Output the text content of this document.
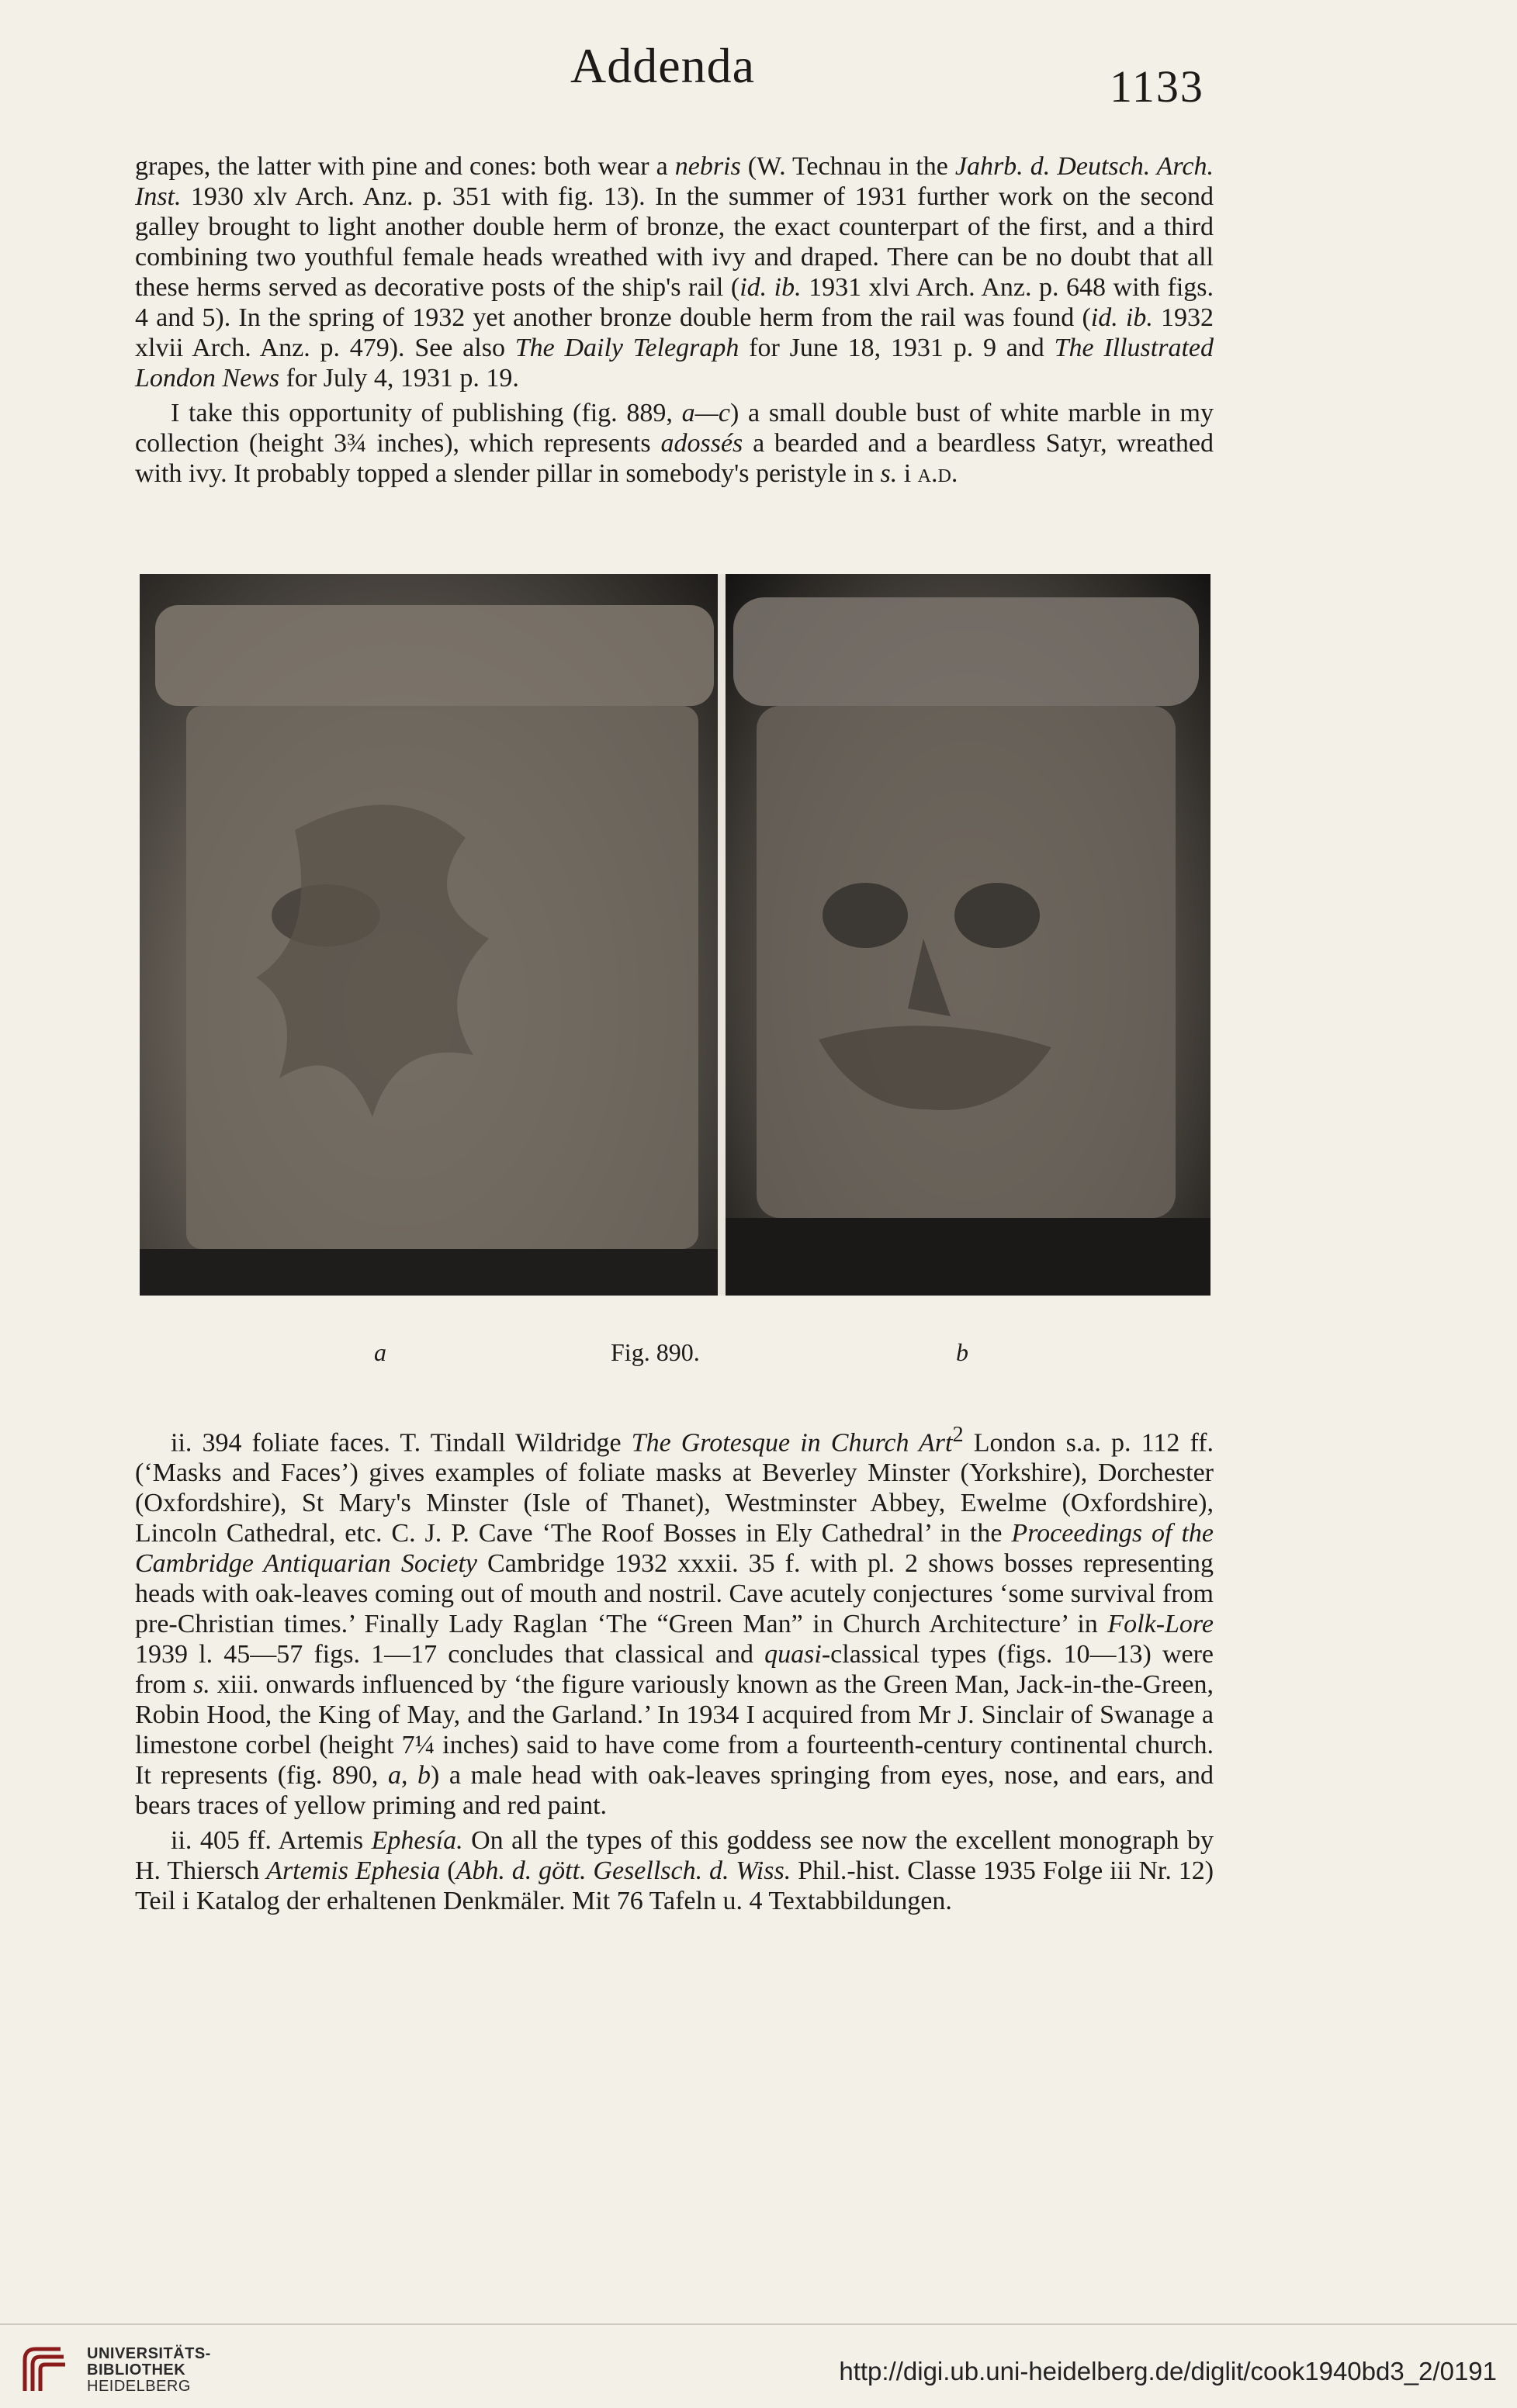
Addenda	1133

grapes, the latter with pine and cones: both wear a nebris (W. Technau in the Jahrb. d. Deutsch. Arch. Inst. 1930 xlv Arch. Anz. p. 351 with fig. 13). In the summer of 1931 further work on the second galley brought to light another double herm of bronze, the exact counterpart of the first, and a third combining two youthful female heads wreathed with ivy and draped. There can be no doubt that all these herms served as decorative posts of the ship's rail (id. ib. 1931 xlvi Arch. Anz. p. 648 with figs. 4 and 5). In the spring of 1932 yet another bronze double herm from the rail was found (id. ib. 1932 xlvii Arch. Anz. p. 479). See also The Daily Telegraph for June 18, 1931 p. 9 and The Illustrated London News for July 4, 1931 p. 19.

I take this opportunity of publishing (fig. 889, a—c) a small double bust of white marble in my collection (height 3¾ inches), which represents adossés a bearded and a beardless Satyr, wreathed with ivy. It probably topped a slender pillar in somebody's peristyle in s. i a.d.

a	Fig. 890.	b

ii. 394 foliate faces. T. Tindall Wildridge The Grotesque in Church Art$^2$ London s.a. p. 112 ff. (‘Masks and Faces’) gives examples of foliate masks at Beverley Minster (Yorkshire), Dorchester (Oxfordshire), St Mary's Minster (Isle of Thanet), Westminster Abbey, Ewelme (Oxfordshire), Lincoln Cathedral, etc. C. J. P. Cave ‘The Roof Bosses in Ely Cathedral’ in the Proceedings of the Cambridge Antiquarian Society Cambridge 1932 xxxii. 35 f. with pl. 2 shows bosses representing heads with oak-leaves coming out of mouth and nostril. Cave acutely conjectures ‘some survival from pre-Christian times.’ Finally Lady Raglan ‘The “Green Man” in Church Architecture’ in Folk-Lore 1939 l. 45—57 figs. 1—17 concludes that classical and quasi-classical types (figs. 10—13) were from s. xiii. onwards influenced by ‘the figure variously known as the Green Man, Jack-in-the-Green, Robin Hood, the King of May, and the Garland.’ In 1934 I acquired from Mr J. Sinclair of Swanage a limestone corbel (height 7¼ inches) said to have come from a fourteenth-century continental church. It represents (fig. 890, a, b) a male head with oak-leaves springing from eyes, nose, and ears, and bears traces of yellow priming and red paint.

ii. 405 ff. Artemis Ephesía. On all the types of this goddess see now the excellent monograph by H. Thiersch Artemis Ephesia (Abh. d. gött. Gesellsch. d. Wiss. Phil.-hist. Classe 1935 Folge iii Nr. 12) Teil i Katalog der erhaltenen Denkmäler. Mit 76 Tafeln u. 4 Textabbildungen.

UNIVERSITÄTS-
BIBLIOTHEK
HEIDELBERG
http://digi.ub.uni-heidelberg.de/diglit/cook1940bd3_2/0191
